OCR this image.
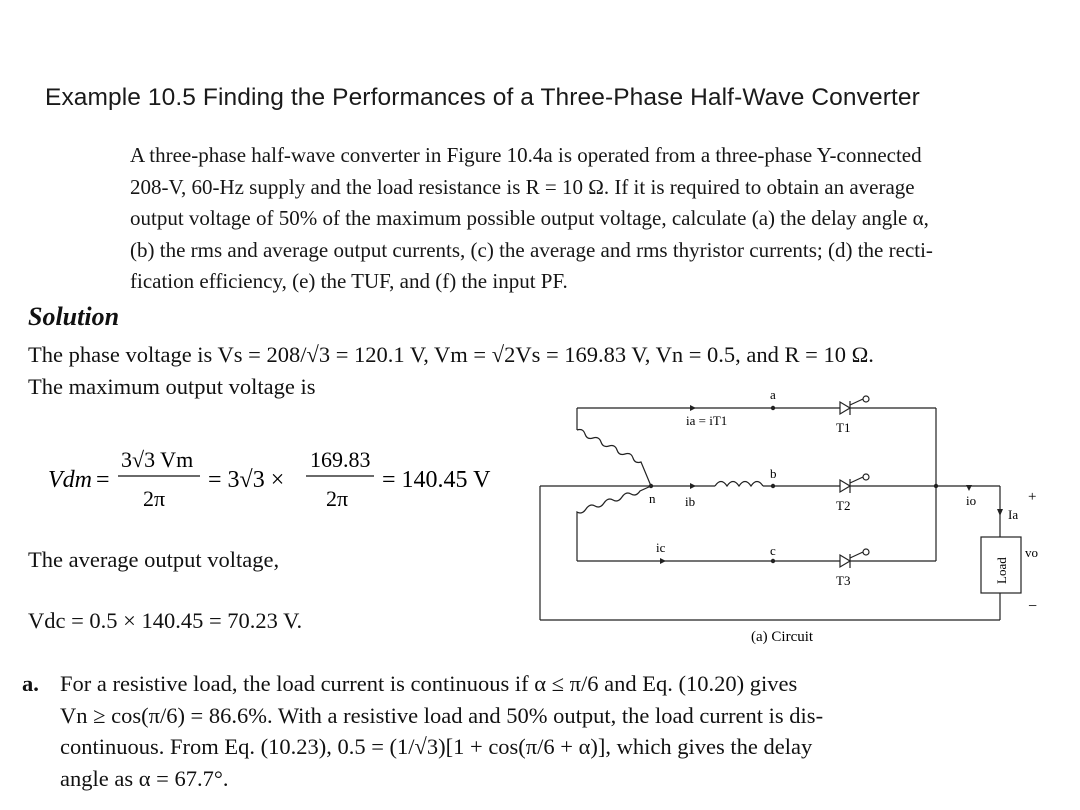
Example 10.5 Finding the Performances of a Three-Phase Half-Wave Converter
A three-phase half-wave converter in Figure 10.4a is operated from a three-phase Y-connected
208-V, 60-Hz supply and the load resistance is R = 10 Ω. If it is required to obtain an average
output voltage of 50% of the maximum possible output voltage, calculate (a) the delay angle α,
(b) the rms and average output currents, (c) the average and rms thyristor currents; (d) the recti-
fication efficiency, (e) the TUF, and (f) the input PF.
Solution
The phase voltage is Vs = 208/√3 = 120.1 V, Vm = √2Vs = 169.83 V, Vn = 0.5, and R = 10 Ω.
The maximum output voltage is
Vdm =
3√3 Vm
2π
= 3√3 ×
169.83
2π
= 140.45 V
The average output voltage,
Vdc = 0.5 × 140.45 = 70.23 V.
a
b
c
n
ia = iT1
ib
ic
T1
T2
T3
io
Ia
+
vo
−
Load
(a) Circuit
a. For a resistive load, the load current is continuous if α ≤ π/6 and Eq. (10.20) gives
Vn ≥ cos(π/6) = 86.6%. With a resistive load and 50% output, the load current is dis-
continuous. From Eq. (10.23), 0.5 = (1/√3)[1 + cos(π/6 + α)], which gives the delay
angle as α = 67.7°.
